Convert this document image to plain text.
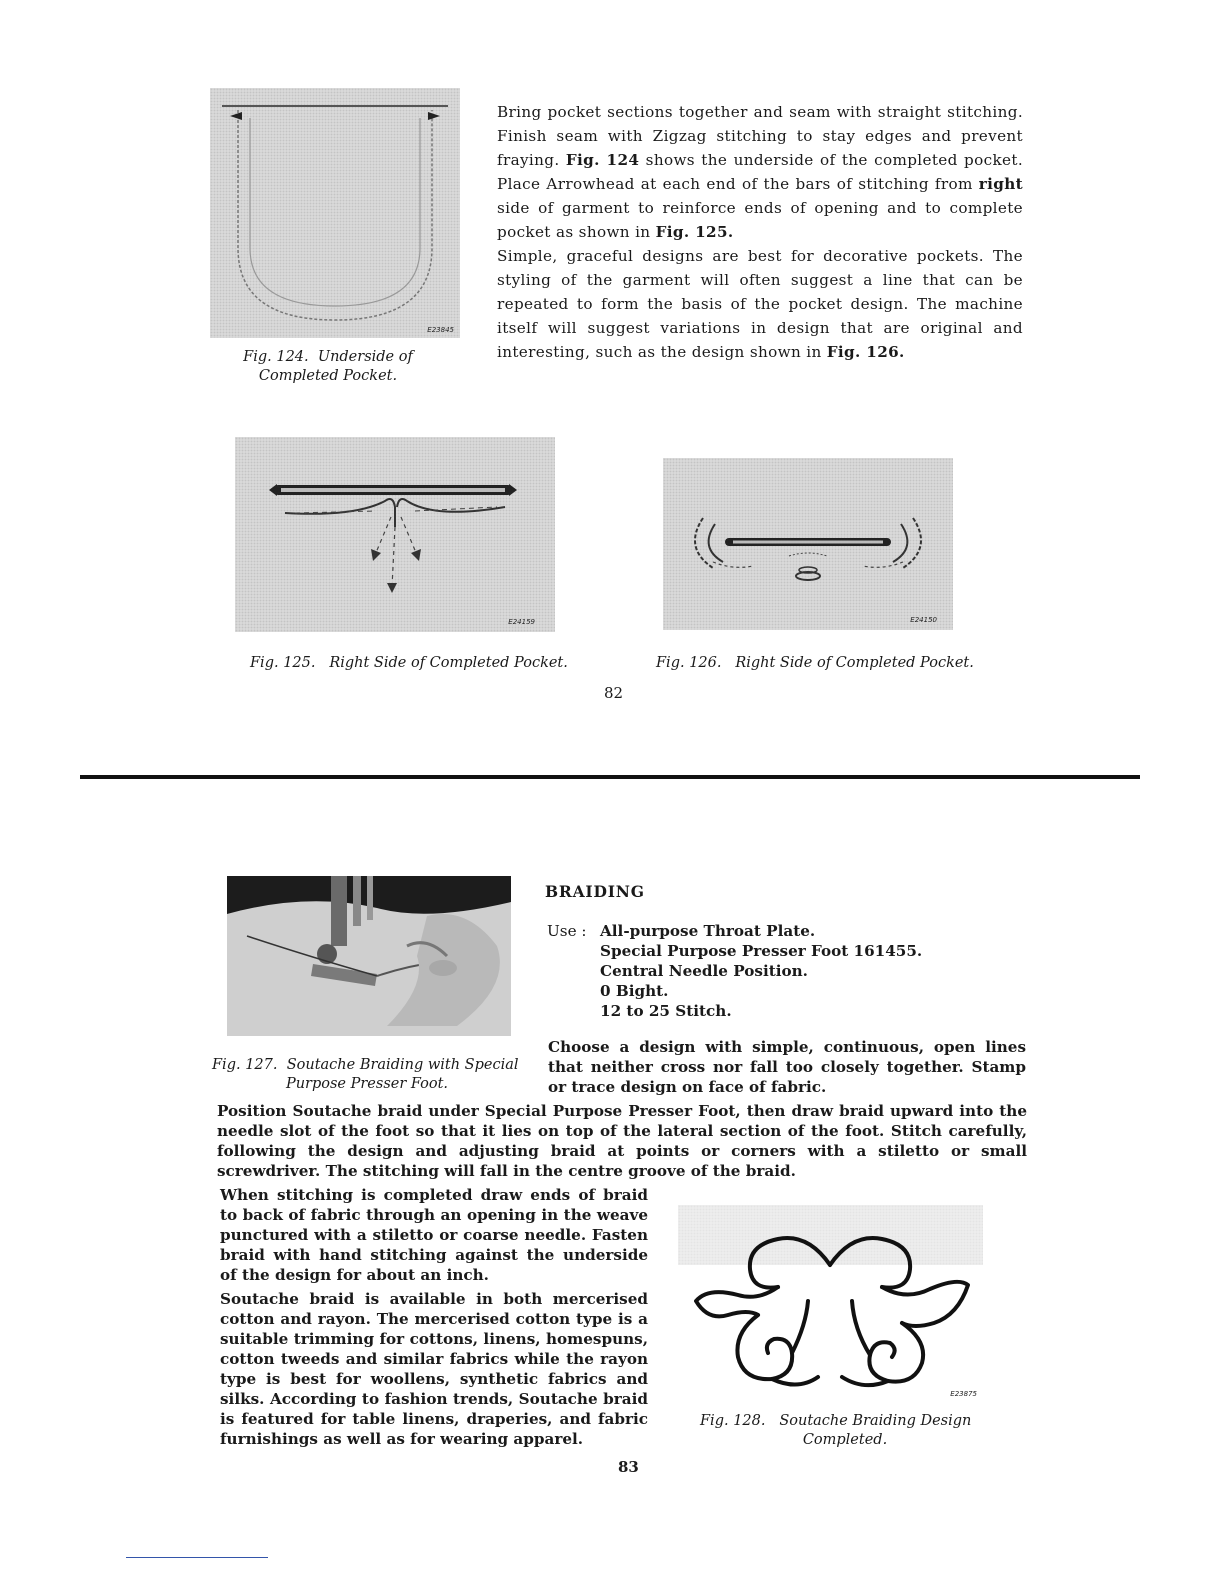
E23845
Fig. 124. Underside of
Completed Pocket.
Bring pocket sections together and seam with straight stitching. Finish seam with Zigzag stitching to stay edges and prevent fraying. Fig. 124 shows the underside of the completed pocket. Place Arrowhead at each end of the bars of stitching from right side of garment to reinforce ends of opening and to complete pocket as shown in Fig. 125.
Simple, graceful designs are best for decorative pockets. The styling of the garment will often suggest a line that can be repeated to form the basis of the pocket design. The machine itself will suggest variations in design that are original and interesting, such as the design shown in Fig. 126.
E24159	E24150
Fig. 125. Right Side of Completed Pocket.	Fig. 126. Right Side of Completed Pocket.
82
Fig. 127. Soutache Braiding with Special
Purpose Presser Foot.
BRAIDING
Use : All-purpose Throat Plate.
Special Purpose Presser Foot 161455.
Central Needle Position.
0 Bight.
12 to 25 Stitch.
Choose a design with simple, continuous, open lines that neither cross nor fall too closely together. Stamp or trace design on face of fabric.
Position Soutache braid under Special Purpose Presser Foot, then draw braid upward into the needle slot of the foot so that it lies on top of the lateral section of the foot. Stitch carefully, following the design and adjusting braid at points or corners with a stiletto or small screwdriver. The stitching will fall in the centre groove of the braid.
When stitching is completed draw ends of braid to back of fabric through an opening in the weave punctured with a stiletto or coarse needle. Fasten braid with hand stitching against the underside of the design for about an inch.
Soutache braid is available in both mercerised cotton and rayon. The mercerised cotton type is a suitable trimming for cottons, linens, homespuns, cotton tweeds and similar fabrics while the rayon type is best for woollens, synthetic fabrics and silks. According to fashion trends, Soutache braid is featured for table linens, draperies, and fabric furnishings as well as for wearing apparel.
E23875
Fig. 128. Soutache Braiding Design
Completed.
83
